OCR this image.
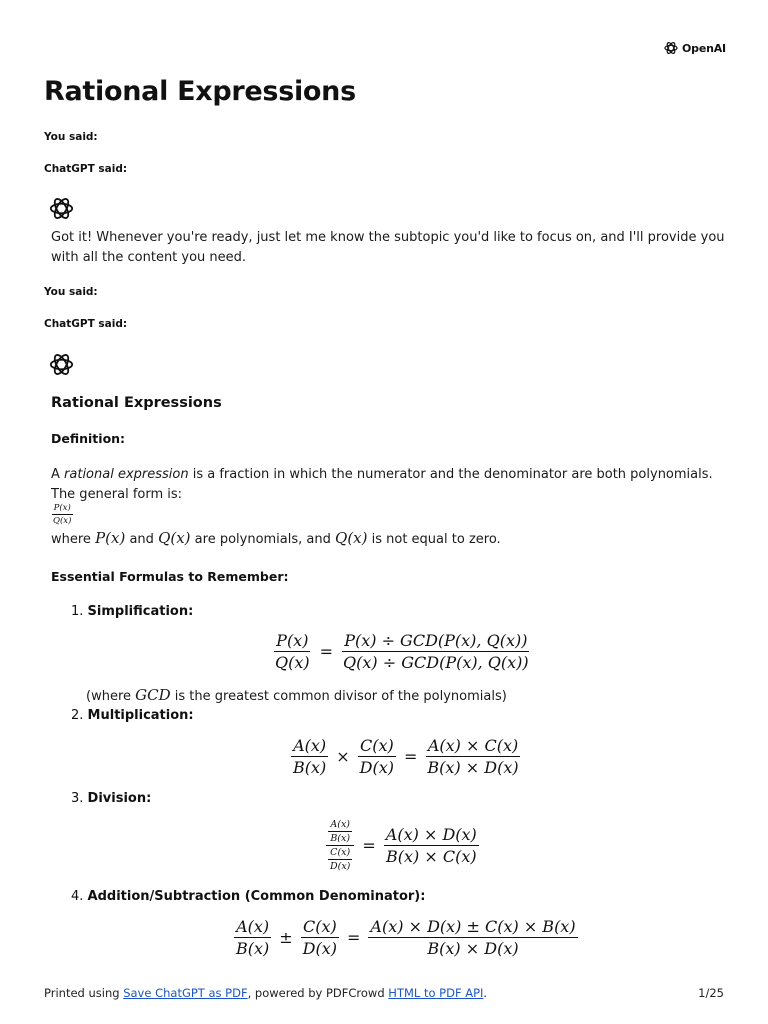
OpenAI
Rational Expressions
You said:
ChatGPT said:

Got it! Whenever you're ready, just let me know the subtopic you'd like to focus on, and I'll provide you with all the content you need.

You said:
ChatGPT said:
Rational Expressions
Definition:

A rational expression is a fraction in which the numerator and the denominator are both polynomials.
The general form is:

$\frac{P(x)}{Q(x)}$

where P(x) and Q(x) are polynomials, and Q(x) is not equal to zero.

Essential Formulas to Remember:
1. Simplification:
$\frac{P(x)}{Q(x)} = \frac{\text{P(x) ÷ GCD(P(x), Q(x))}}{\text{Q(x) ÷ GCD(P(x), Q(x))}}$

(where GCD is the greatest common divisor of the polynomials)

2. Multiplication:
$\frac{A(x)}{B(x)} \times \frac{C(x)}{D(x)} = \frac{A(x) \times C(x)}{B(x) \times D(x)}$
3. Division:
$\frac{\frac{A(x)}{B(x)}}{\frac{C(x)}{D(x)}} = \frac{A(x) \times D(x)}{B(x) \times C(x)}$
4. Addition/Subtraction (Common Denominator):
$\frac{A(x)}{B(x)} \pm \frac{C(x)}{D(x)} = \frac{A(x) \times D(x) \pm C(x) \times B(x)}{B(x) \times D(x)}$
Printed using Save ChatGPT as PDF, powered by PDFCrowd HTML to PDF API.	1/25
